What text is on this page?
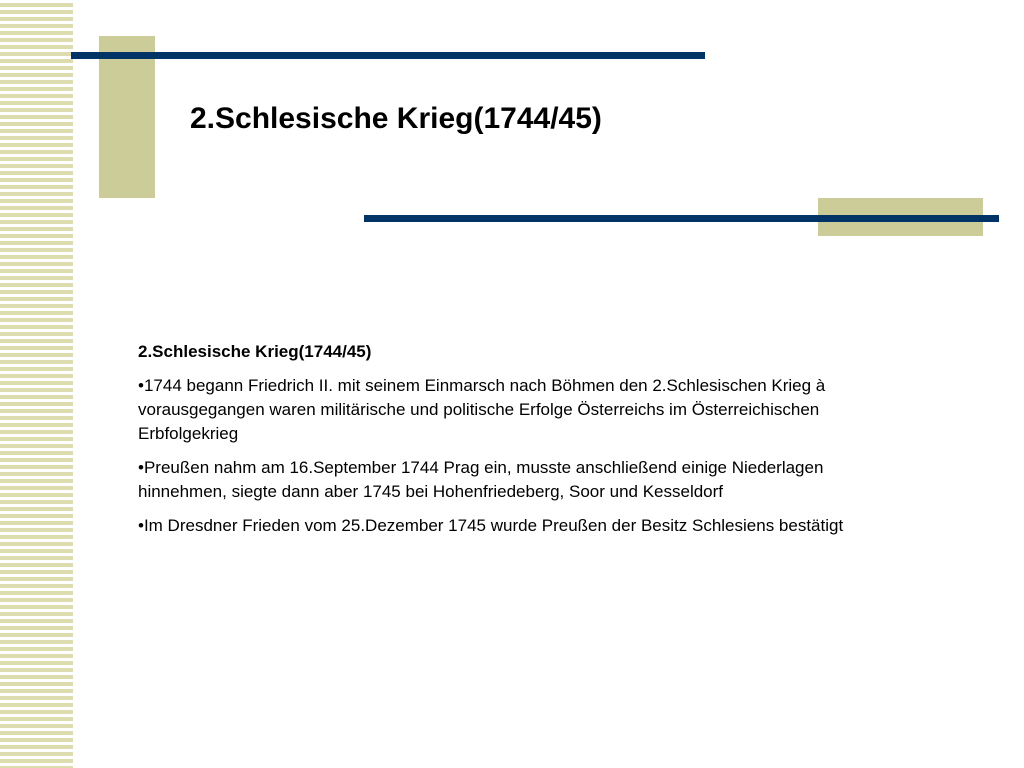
2.Schlesische Krieg(1744/45)

2.Schlesische Krieg(1744/45)

•1744 begann Friedrich II. mit seinem Einmarsch nach Böhmen den 2.Schlesischen Krieg à vorausgegangen waren militärische und politische Erfolge Österreichs im Österreichischen Erbfolgekrieg

•Preußen nahm am 16.September 1744 Prag ein, musste anschließend einige Niederlagen hinnehmen, siegte dann aber 1745 bei Hohenfriedeberg, Soor und Kesseldorf

•Im Dresdner Frieden vom 25.Dezember 1745 wurde Preußen der Besitz Schlesiens bestätigt
